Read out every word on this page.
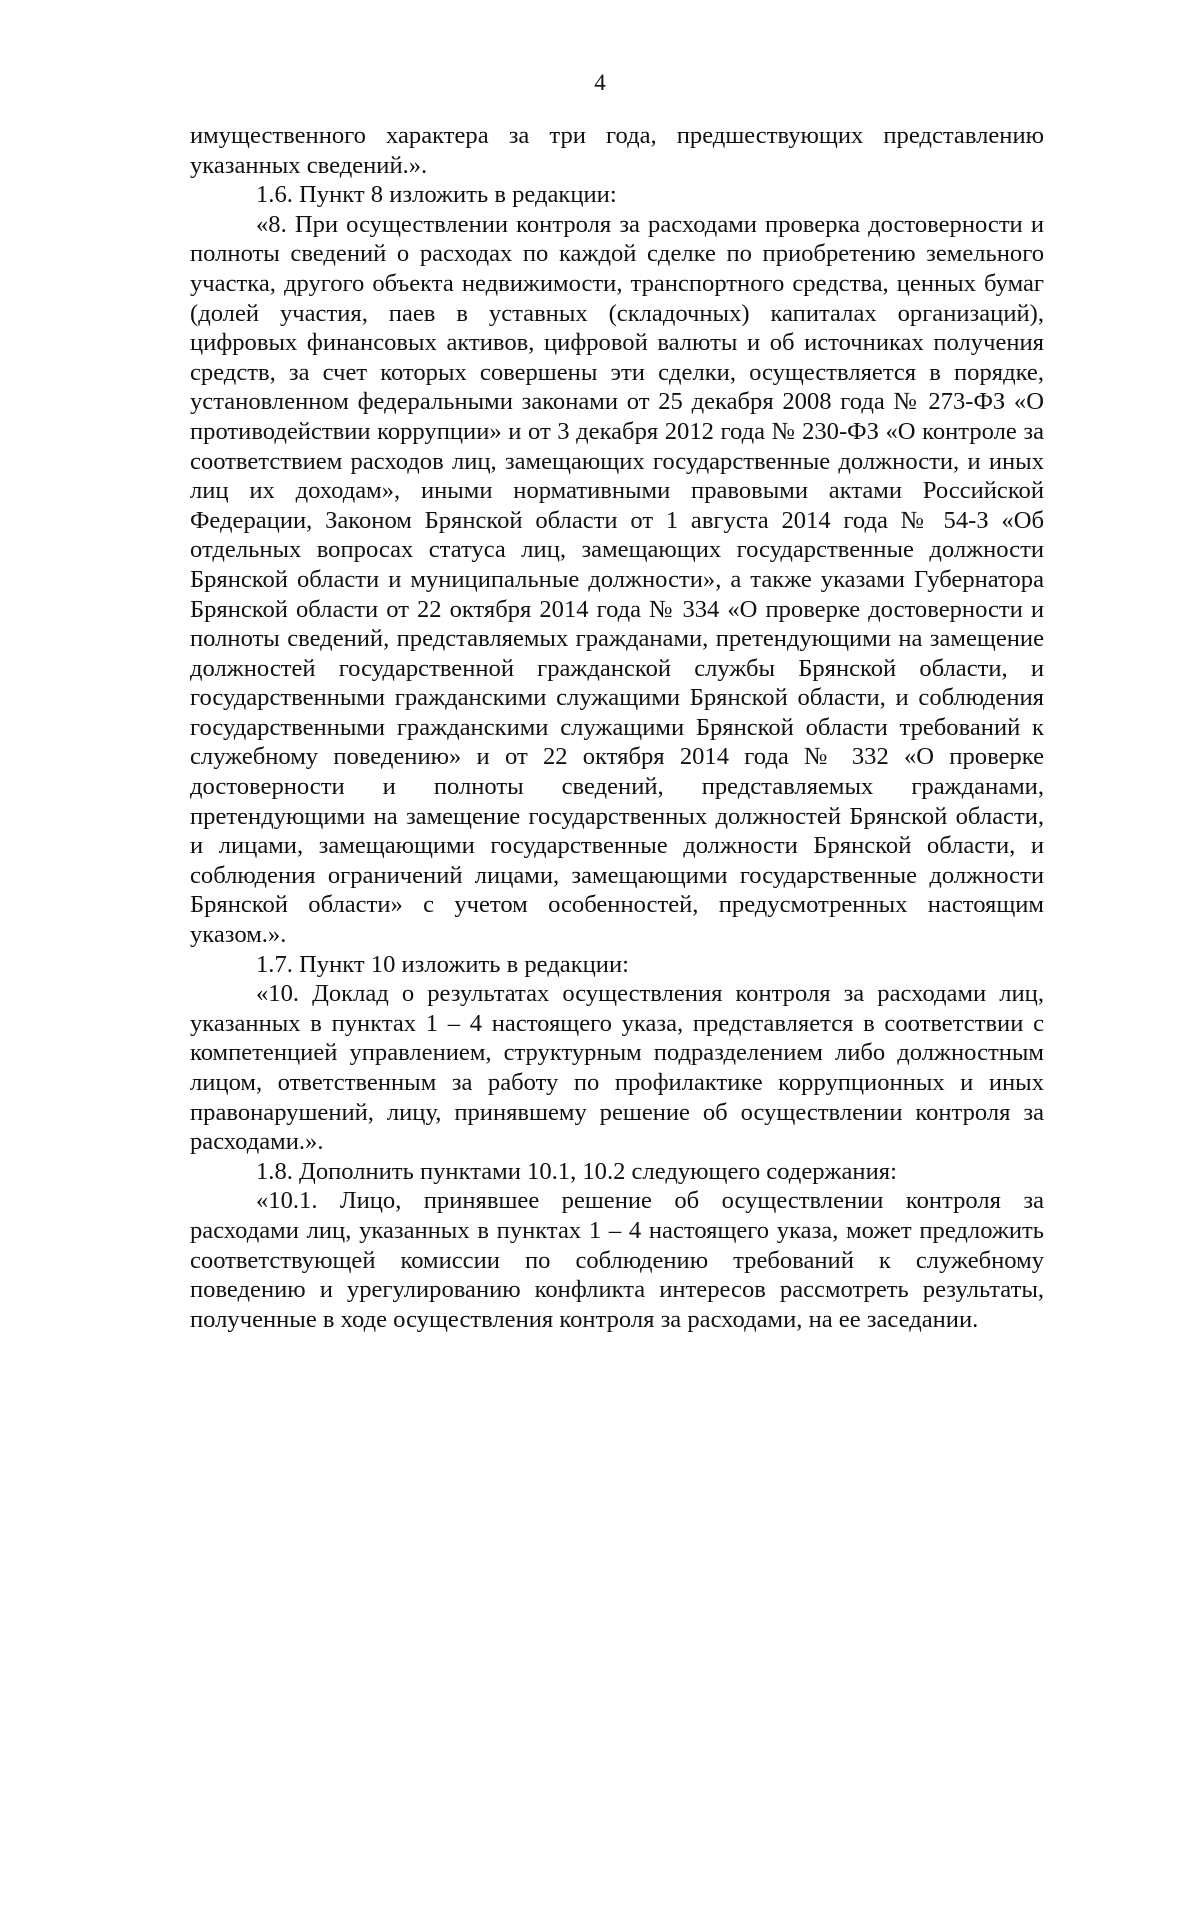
4

имущественного характера за три года, предшествующих представлению указанных сведений.».

1.6. Пункт 8 изложить в редакции:

«8. При осуществлении контроля за расходами проверка достоверности и полноты сведений о расходах по каждой сделке по приобретению земельного участка, другого объекта недвижимости, транспортного средства, ценных бумаг (долей участия, паев в уставных (складочных) капиталах организаций), цифровых финансовых активов, цифровой валюты и об источниках получения средств, за счет которых совершены эти сделки, осуществляется в порядке, установленном федеральными законами от 25 декабря 2008 года № 273-ФЗ «О противодействии коррупции» и от 3 декабря 2012 года № 230-ФЗ «О контроле за соответствием расходов лиц, замещающих государственные должности, и иных лиц их доходам», иными нормативными правовыми актами Российской Федерации, Законом Брянской области от 1 августа 2014 года № 54-З «Об отдельных вопросах статуса лиц, замещающих государственные должности Брянской области и муниципальные должности», а также указами Губернатора Брянской области от 22 октября 2014 года № 334 «О проверке достоверности и полноты сведений, представляемых гражданами, претендующими на замещение должностей государственной гражданской службы Брянской области, и государственными гражданскими служащими Брянской области, и соблюдения государственными гражданскими служащими Брянской области требований к служебному поведению» и от 22 октября 2014 года № 332 «О проверке достоверности и полноты сведений, представляемых гражданами, претендующими на замещение государственных должностей Брянской области, и лицами, замещающими государственные должности Брянской области, и соблюдения ограничений лицами, замещающими государственные должности Брянской области» с учетом особенностей, предусмотренных настоящим указом.».

1.7. Пункт 10 изложить в редакции:

«10. Доклад о результатах осуществления контроля за расходами лиц, указанных в пунктах 1 – 4 настоящего указа, представляется в соответствии с компетенцией управлением, структурным подразделением либо должностным лицом, ответственным за работу по профилактике коррупционных и иных правонарушений, лицу, принявшему решение об осуществлении контроля за расходами.».

1.8. Дополнить пунктами 10.1, 10.2 следующего содержания:

«10.1. Лицо, принявшее решение об осуществлении контроля за расходами лиц, указанных в пунктах 1 – 4 настоящего указа, может предложить соответствующей комиссии по соблюдению требований к служебному поведению и урегулированию конфликта интересов рассмотреть результаты, полученные в ходе осуществления контроля за расходами, на ее заседании.
